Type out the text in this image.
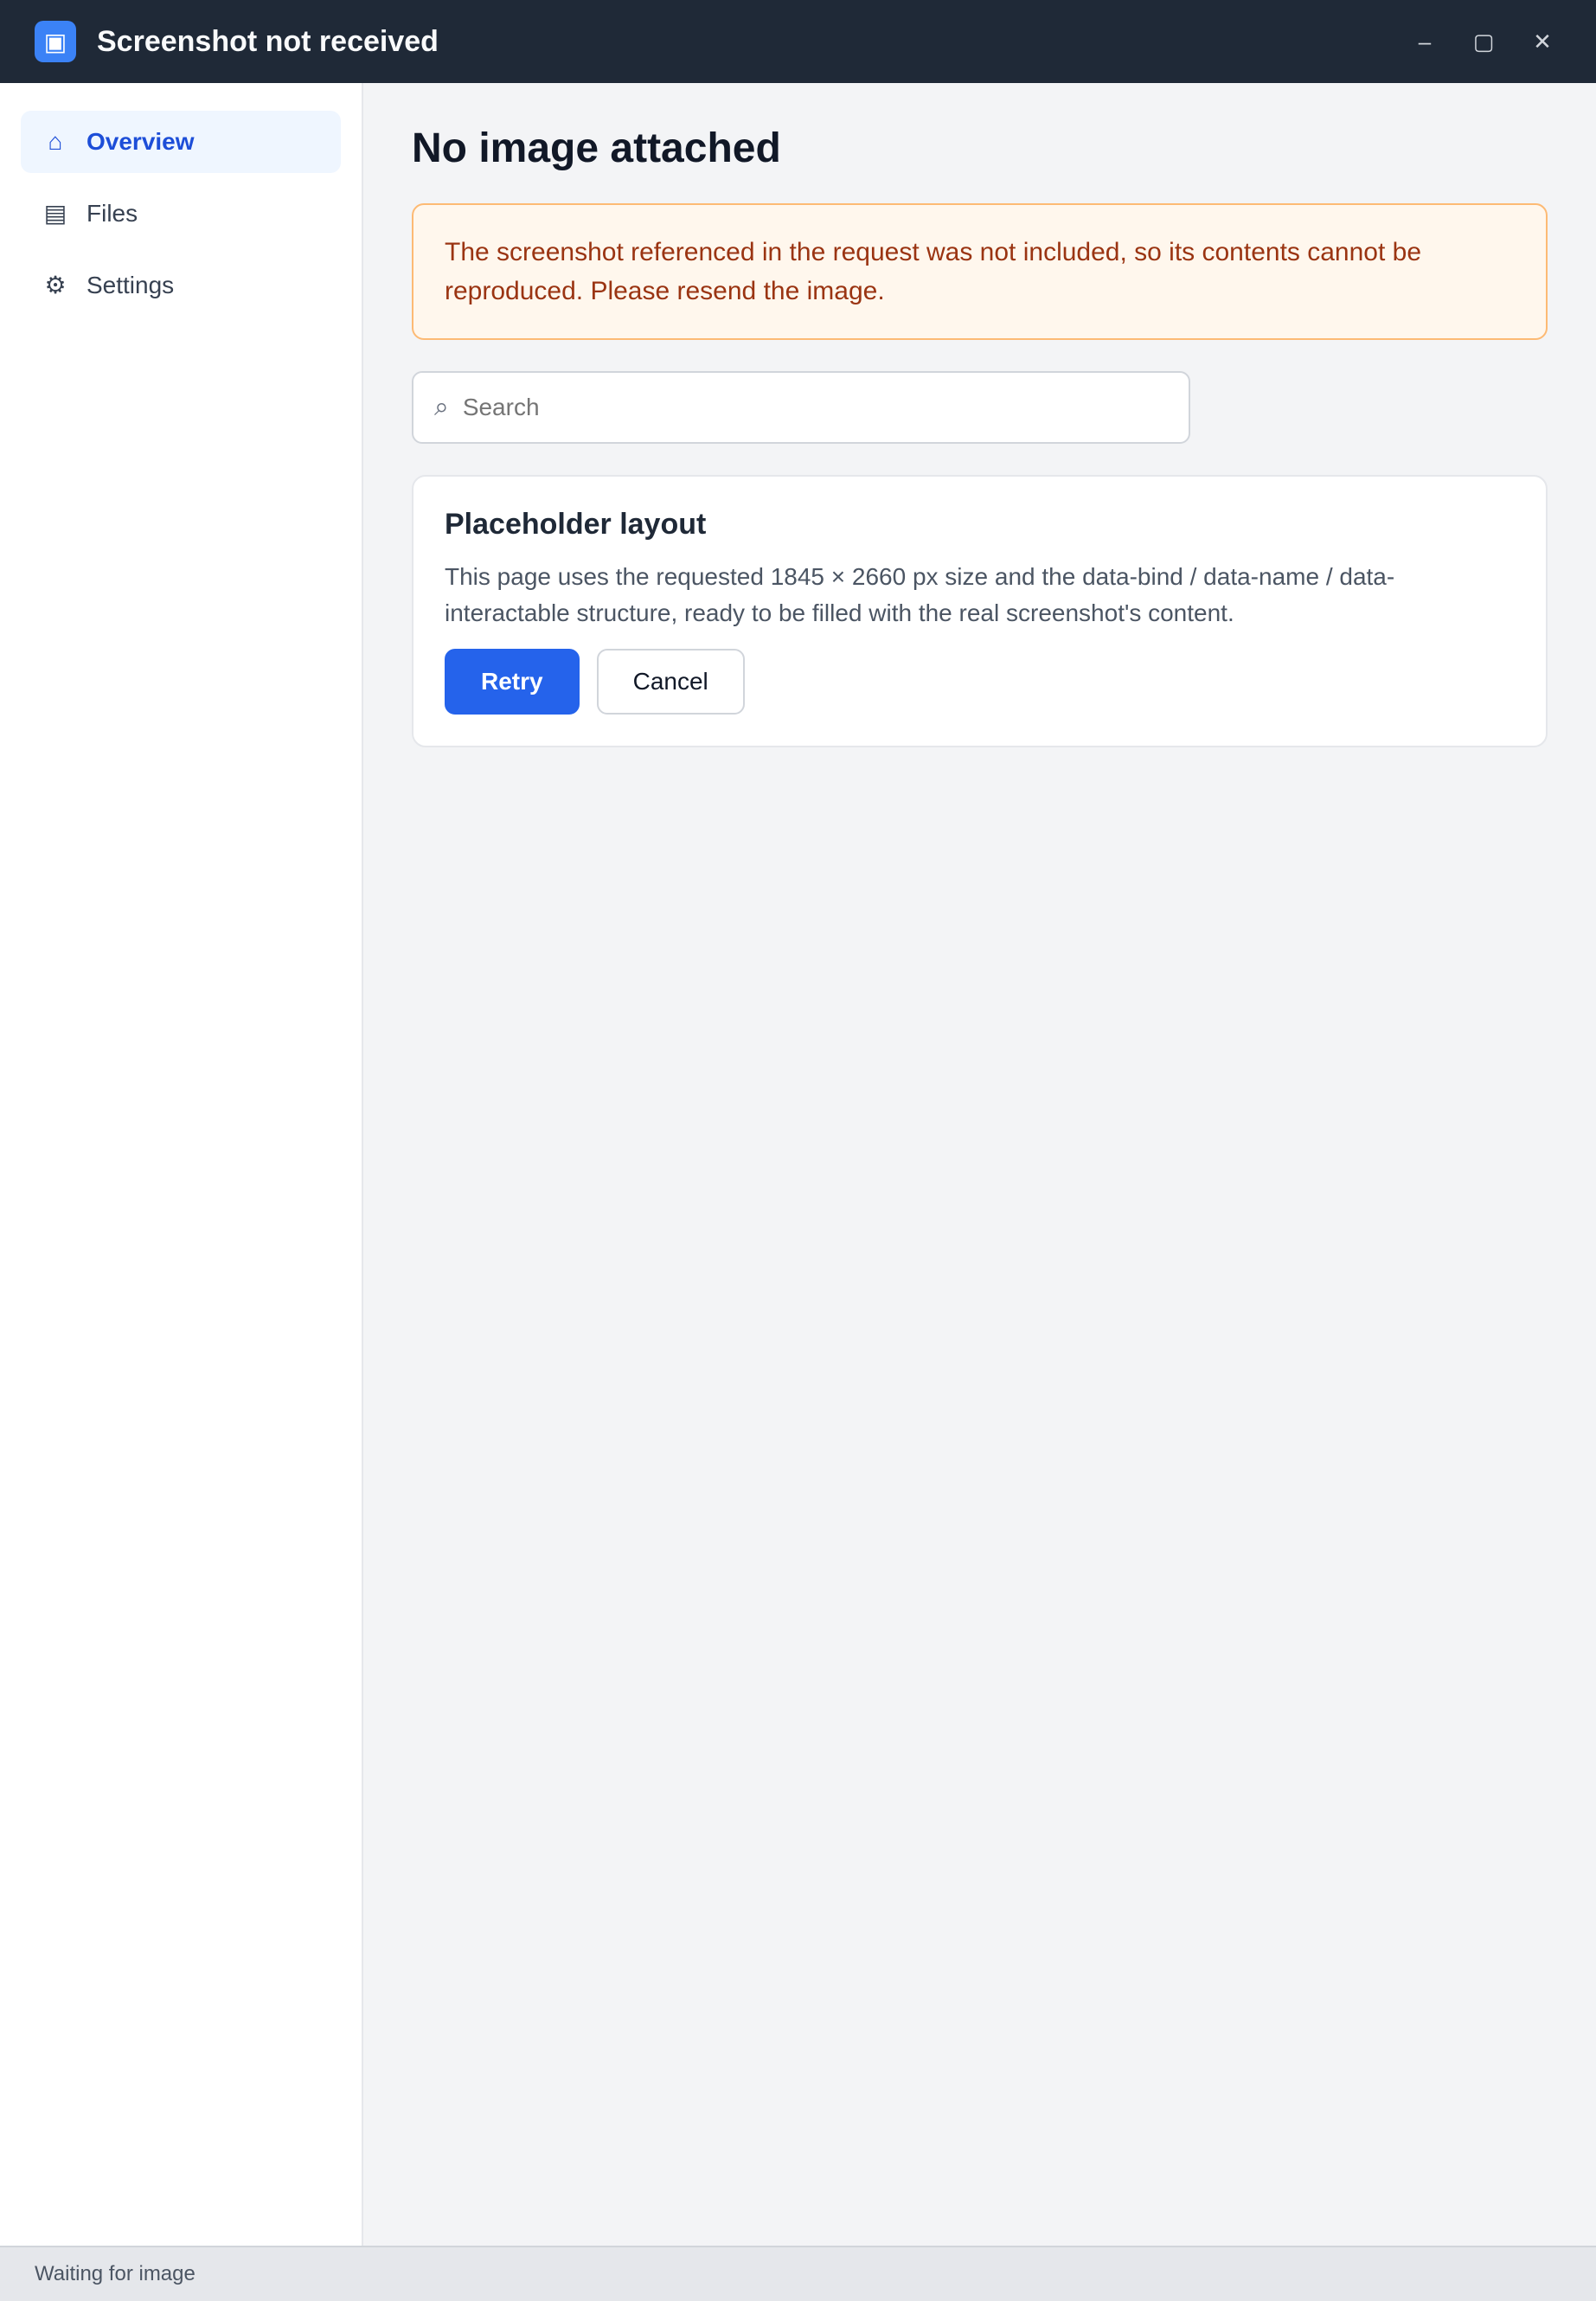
▣	Screenshot not received	–	▢	✕
⌂ Overview
▤ Files
⚙ Settings
No image attached
The screenshot referenced in the request was not included, so its contents cannot be reproduced. Please resend the image.
⌕
Search
Placeholder layout
This page uses the requested 1845 × 2660 px size and the data-bind / data-name / data-interactable structure, ready to be filled with the real screenshot's content.
Retry	Cancel
Waiting for image
